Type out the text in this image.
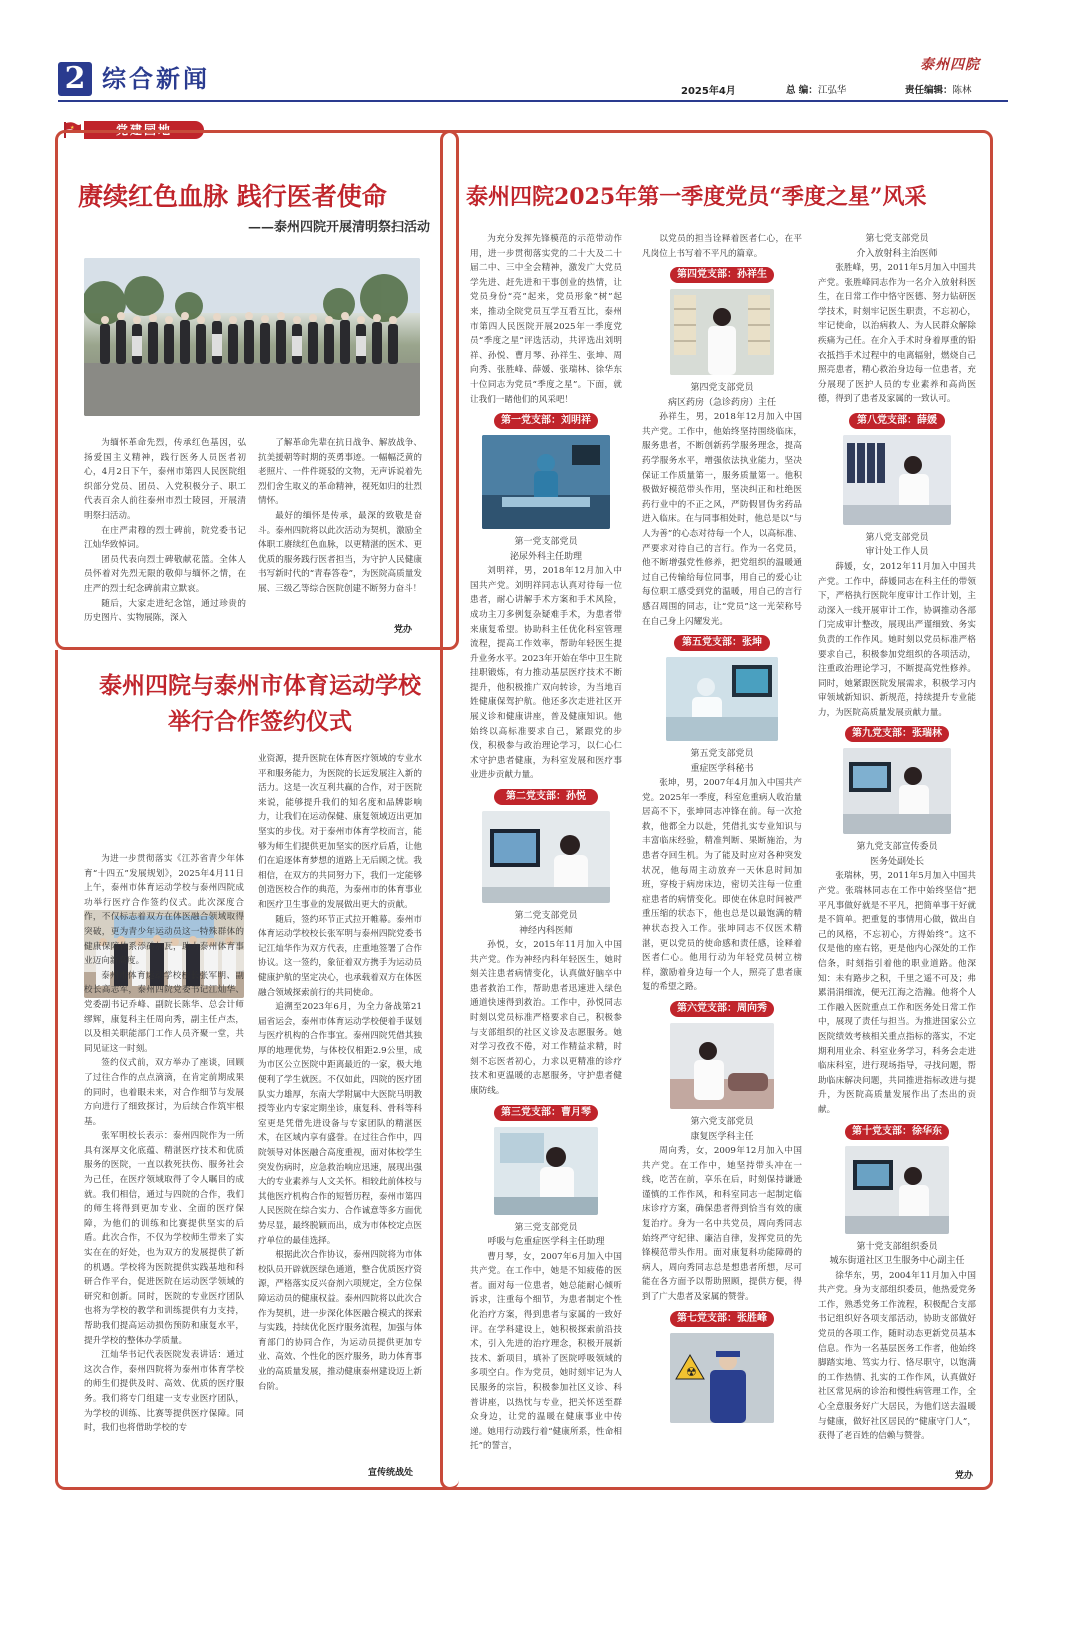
2 综合新闻	2025年4月	总 编：江弘华	责任编辑：陈林
泰州四院
★	党建园地
赓续红色血脉 践行医者使命
——泰州四院开展清明祭扫活动

为缅怀革命先烈，传承红色基因，弘扬爱国主义精神，践行医务人员医者初心，4月2日下午，泰州市第四人民医院组织部分党员、团员、入党积极分子、职工代表百余人前往泰州市烈士陵园，开展清明祭扫活动。

在庄严肃穆的烈士碑前，院党委书记江灿华致悼词。

团员代表向烈士碑敬献花篮。全体人员怀着对先烈无限的敬仰与缅怀之情，在庄严的烈士纪念碑前肃立默哀。

随后，大家走进纪念馆，通过珍贵的历史图片、实物展陈，深入

了解革命先辈在抗日战争、解放战争、抗美援朝等时期的英勇事迹。一幅幅泛黄的老照片、一件件斑驳的文物，无声诉说着先烈们舍生取义的革命精神，视死如归的壮烈情怀。

最好的缅怀是传承，最深的致敬是奋斗。泰州四院将以此次活动为契机，激励全体职工赓续红色血脉，以更精湛的医术、更优质的服务践行医者担当，为守护人民健康书写新时代的“青春答卷”，为医院高质量发展、三级乙等综合医院创建不断努力奋斗！

党办
泰州四院与泰州市体育运动学校
举行合作签约仪式

为进一步贯彻落实《江苏省青少年体育“十四五”发展规划》，2025年4月11日上午，泰州市体育运动学校与泰州四院成功举行医疗合作签约仪式。此次深度合作，不仅标志着双方在体医融合领域取得突破，更为青少年运动员这一特殊群体的健康保障体系添砖加瓦，助力泰州体育事业迈向新高度。

泰州市体育运动学校校长张军明、副校长高志军，泰州四院党委书记江灿华、党委副书记乔峰、副院长陈华、总会计师缪辉，康复科主任周向秀，副主任卢杰，以及相关职能部门工作人员齐聚一堂，共同见证这一时刻。

签约仪式前，双方举办了座谈，回顾了过往合作的点点滴滴，在肯定前期成果的同时，也着眼未来，对合作细节与发展方向进行了细致探讨，为后续合作筑牢根基。

张军明校长表示：泰州四院作为一所具有深厚文化底蕴、精湛医疗技术和优质服务的医院，一直以救死扶伤、服务社会为己任，在医疗领域取得了令人瞩目的成就。我们相信，通过与四院的合作，我们的师生将得到更加专业、全面的医疗保障，为他们的训练和比赛提供坚实的后盾。此次合作，不仅为学校师生带来了实实在在的好处，也为双方的发展提供了新的机遇。学校将为医院提供实践基地和科研合作平台，促进医院在运动医学领域的研究和创新。同时，医院的专业医疗团队也将为学校的教学和训练提供有力支持，帮助我们提高运动损伤预防和康复水平，提升学校的整体办学质量。

江灿华书记代表医院发表讲话：通过这次合作，泰州四院将为泰州市体育学校的师生们提供及时、高效、优质的医疗服务。我们将专门组建一支专业医疗团队，为学校的训练、比赛等提供医疗保障。同时，我们也将借助学校的专

业资源，提升医院在体育医疗领域的专业水平和服务能力，为医院的长远发展注入新的活力。这是一次互利共赢的合作，对于医院来说，能够提升我们的知名度和品牌影响力，让我们在运动保健、康复领域迈出更加坚实的步伐。对于泰州市体育学校而言，能够为师生们提供更加坚实的医疗后盾，让他们在追逐体育梦想的道路上无后顾之忧。我相信，在双方的共同努力下，我们一定能够创造医校合作的典范，为泰州市的体育事业和医疗卫生事业的发展做出更大的贡献。

随后，签约环节正式拉开帷幕。泰州市体育运动学校校长张军明与泰州四院党委书记江灿华作为双方代表，庄重地签署了合作协议。这一签约，象征着双方携手为运动员健康护航的坚定决心，也承载着双方在体医融合领域探索前行的共同使命。

追溯至2023年6月，为全力备战第21届省运会，泰州市体育运动学校便着手谋划与医疗机构的合作事宜。泰州四院凭借其独厚的地理优势，与体校仅相距2.9公里，成为市区公立医院中距离最近的一家，极大地便利了学生就医。不仅如此，四院的医疗团队实力雄厚，东南大学附属中大医院马明教授等业内专家定期坐诊，康复科、骨科等科室更是凭借先进设备与专家团队的精湛医术，在区域内享有盛誉。在过往合作中，四院领导对体医融合高度重视，面对体校学生突发伤病时，应急救治响应迅速，展现出强大的专业素养与人文关怀。相较此前体校与其他医疗机构合作的短暂历程，泰州市第四人民医院在综合实力、合作诚意等多方面优势尽显，最终脱颖而出，成为市体校定点医疗单位的最佳选择。

根据此次合作协议，泰州四院将为市体校队员开辟就医绿色通道，整合优质医疗资源，严格落实反兴奋剂六项规定，全方位保障运动员的健康权益。泰州四院将以此次合作为契机，进一步深化体医融合模式的探索与实践，持续优化医疗服务流程，加强与体育部门的协同合作，为运动员提供更加专业、高效、个性化的医疗服务，助力体育事业的高质量发展，推动健康泰州建设迈上新台阶。

宣传统战处
泰州四院2025年第一季度党员“季度之星”风采

为充分发挥先锋模范的示范带动作用，进一步贯彻落实党的二十大及二十届二中、三中全会精神，激发广大党员学先进、赶先进和干事创业的热情，让党员身份“亮”起来，党员形象“树”起来，推动全院党员互学互看互比，泰州市第四人民医院开展2025年一季度党员“季度之星”评选活动，共评选出刘明祥、孙悦、曹月琴、孙祥生、张坤、周向秀、张胜峰、薛媛、张瑞林、徐华东十位同志为党员“季度之星”。下面，就让我们一睹他们的风采吧！

第一党支部：刘明祥
第一党支部党员
泌尿外科主任助理

刘明祥，男，2018年12月加入中国共产党。刘明祥同志认真对待每一位患者，耐心讲解手术方案和手术风险，成功主刀多例复杂疑难手术，为患者带来康复希望。协助科主任优化科室管理流程，提高工作效率，帮助年轻医生提升业务水平。2023年开始在华中卫生院挂职锻炼，有力推动基层医疗技术不断提升，他积极推广双向转诊，为当地百姓健康保驾护航。他还多次走进社区开展义诊和健康讲座，普及健康知识。他始终以高标准要求自己，紧跟党的步伐，积极参与政治理论学习，以仁心仁术守护患者健康，为科室发展和医疗事业进步贡献力量。

第二党支部：孙悦
第二党支部党员
神经内科医师

孙悦，女，2015年11月加入中国共产党。作为神经内科年轻医生，她时刻关注患者病情变化，认真做好脑卒中患者救治工作，帮助患者迅速进入绿色通道快速得到救治。工作中，孙悦同志时刻以党员标准严格要求自己，积极参与支部组织的社区义诊及志愿服务。她对学习孜孜不倦，对工作精益求精，时刻不忘医者初心，力求以更精准的诊疗技术和更温暖的志愿服务，守护患者健康防线。

第三党支部：曹月琴
第三党支部党员
呼吸与危重症医学科主任助理

曹月琴，女，2007年6月加入中国共产党。在工作中，她是不知疲倦的医者。面对每一位患者，她总能耐心倾听诉求，注重每个细节，为患者制定个性化治疗方案，得到患者与家属的一致好评。在学科建设上，她积极探索前沿技术，引入先进的治疗理念，积极开展新技术、新项目，填补了医院呼吸领域的多项空白。作为党员，她时刻牢记为人民服务的宗旨，积极参加社区义诊、科普讲座，以热忱与专业，把关怀送至群众身边，让党的温暖在健康事业中传递。她用行动践行着“健康所系，性命相托”的誓言，

以党员的担当诠释着医者仁心，在平凡岗位上书写着不平凡的篇章。

第四党支部：孙祥生
第四党支部党员
病区药房（急诊药房）主任

孙祥生，男，2018年12月加入中国共产党。工作中，他始终坚持围绕临床，服务患者，不断创新药学服务理念，提高药学服务水平，增强依法执业能力，坚决保证工作质量第一，服务质量第一。他积极做好模范带头作用，坚决纠正和杜绝医药行业中的不正之风，严防假冒伪劣药品进入临床。在与同事相处时，他总是以“与人为善”的心态对待每一个人，以高标准、严要求对待自己的言行。作为一名党员，他不断增强党性修养，把党组织的温暖通过自己传输给每位同事，用自己的爱心让每位职工感受到党的温暖，用自己的言行感召周围的同志，让“党员”这一光荣称号在自己身上闪耀发光。

第五党支部：张坤
第五党支部党员
重症医学科秘书

张坤，男，2007年4月加入中国共产党。2025年一季度，科室危重病人收治量居高不下，张坤同志冲锋在前。每一次抢救，他都全力以赴，凭借扎实专业知识与丰富临床经验，精准判断、果断施治，为患者夺回生机。为了能及时应对各种突发状况，他每周主动放弃一天休息时间加班，穿梭于病房床边，密切关注每一位重症患者的病情变化。即使在休息时间被严重压缩的状态下，他也总是以最饱满的精神状态投入工作。张坤同志不仅医术精湛，更以党员的使命感和责任感，诠释着医者仁心。他用行动为年轻党员树立榜样，激励着身边每一个人，照亮了患者康复的希望之路。

第六党支部：周向秀
第六党支部党员
康复医学科主任

周向秀，女，2009年12月加入中国共产党。在工作中，她坚持带头冲在一线，吃苦在前，享乐在后，时刻保持谦逊谨慎的工作作风，和科室同志一起制定临床诊疗方案，确保患者得到恰当有效的康复治疗。身为一名中共党员，周向秀同志始终严守纪律、廉洁自律，发挥党员的先锋模范带头作用。面对康复科功能障碍的病人，周向秀同志总是想患者所想，尽可能在各方面予以帮助照顾，提供方便，得到了广大患者及家属的赞誉。

第七党支部：张胜峰
☢
第七党支部党员
介入放射科主治医师

张胜峰，男，2011年5月加入中国共产党。张胜峰同志作为一名介入放射科医生，在日常工作中恪守医德、努力钻研医学技术，时刻牢记医生职责，不忘初心，牢记使命，以治病救人、为人民群众解除疾痛为己任。在介入手术时身着厚重的铅衣抵挡手术过程中的电离辐射，燃烧自己照亮患者，精心救治身边每一位患者，充分展现了医护人员的专业素养和高尚医德，得到了患者及家属的一致认可。

第八党支部：薛媛
第八党支部党员
审计处工作人员

薛媛，女，2012年11月加入中国共产党。工作中，薛媛同志在科主任的带领下，严格执行医院年度审计工作计划，主动深入一线开展审计工作，协调推动各部门完成审计整改，展现出严谨细致、务实负责的工作作风。她时刻以党员标准严格要求自己，积极参加党组织的各项活动，注重政治理论学习，不断提高党性修养。同时，她紧跟医院发展需求，积极学习内审领域新知识、新规范，持续提升专业能力，为医院高质量发展贡献力量。

第九党支部：张瑞林
第九党支部宣传委员
医务处副处长

张瑞林，男，2011年5月加入中国共产党。张瑞林同志在工作中始终坚信“把平凡事做好就是不平凡，把简单事干好就是不简单。把重复的事情用心做，做出自己的风格，不忘初心，方得始终”。这不仅是他的座右铭，更是他内心深处的工作信条，时刻指引着他的职业道路。他深知：未有路步之积，千里之遥不可及；弗累涓涓细流，便无江海之浩瀚。他将个人工作融入医院重点工作和医务处日常工作中，展现了责任与担当。为推进国家公立医院绩效考核相关重点指标的落实，不定期利用业余、科室业务学习，科务会走进临床科室，进行现场指导，寻找问题，帮助临床解决问题，共同推进指标改进与提升，为医院高质量发展作出了杰出的贡献。

第十党支部：徐华东
第十党支部组织委员
城东街道社区卫生服务中心副主任

徐华东，男，2004年11月加入中国共产党。身为支部组织委员，他热爱党务工作，熟悉党务工作流程，积极配合支部书记组织好各项支部活动，协助支部做好党员的各项工作，随时动态更新党员基本信息。作为一名基层医务工作者，他始终脚踏实地、笃实力行、恪尽职守，以饱满的工作热情、扎实的工作作风，认真做好社区常见病的诊治和慢性病管理工作，全心全意服务好广大居民，为他们送去温暖与健康，做好社区居民的“健康守门人”，获得了老百姓的信赖与赞誉。

党办
